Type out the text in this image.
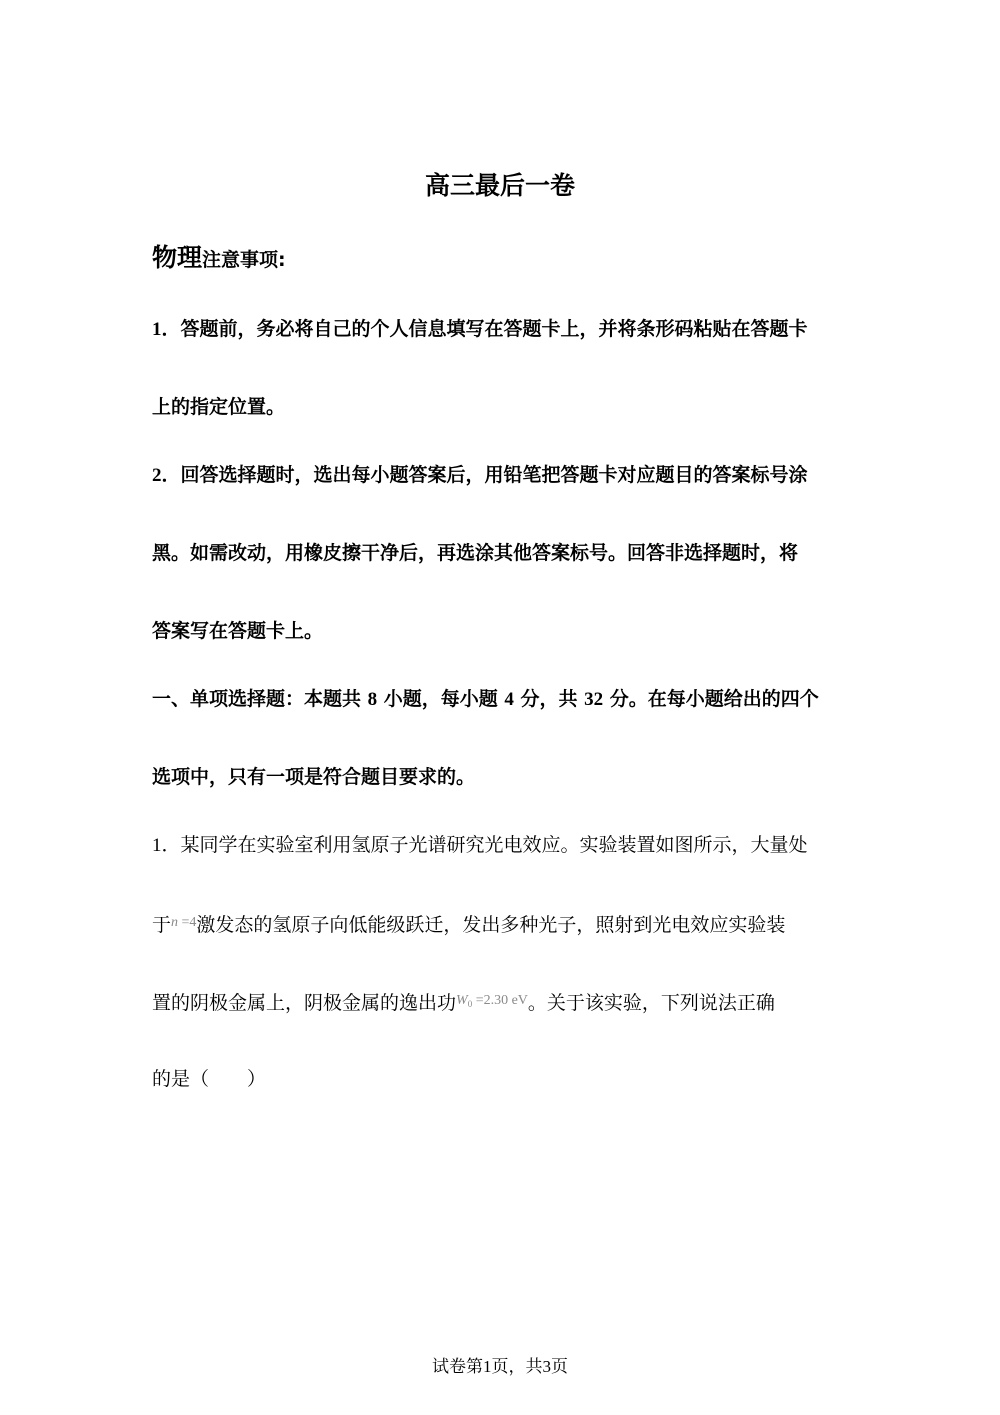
高三最后一卷
物理注意事项:
1．答题前，务必将自己的个人信息填写在答题卡上，并将条形码粘贴在答题卡
上的指定位置。
2．回答选择题时，选出每小题答案后，用铅笔把答题卡对应题目的答案标号涂
黑。如需改动，用橡皮擦干净后，再选涂其他答案标号。回答非选择题时，将
答案写在答题卡上。
一、单项选择题：本题共 8 小题，每小题 4 分，共 32 分。在每小题给出的四个
选项中，只有一项是符合题目要求的。
1．某同学在实验室利用氢原子光谱研究光电效应。实验装置如图所示，大量处
于$^{n =4}$激发态的氢原子向低能级跃迁，发出多种光子，照射到光电效应实验装
置的阴极金属上，阴极金属的逸出功$^{W_0 =2.30 eV}$。关于该实验，下列说法正确
的是（　　）
试卷第1页，共3页
